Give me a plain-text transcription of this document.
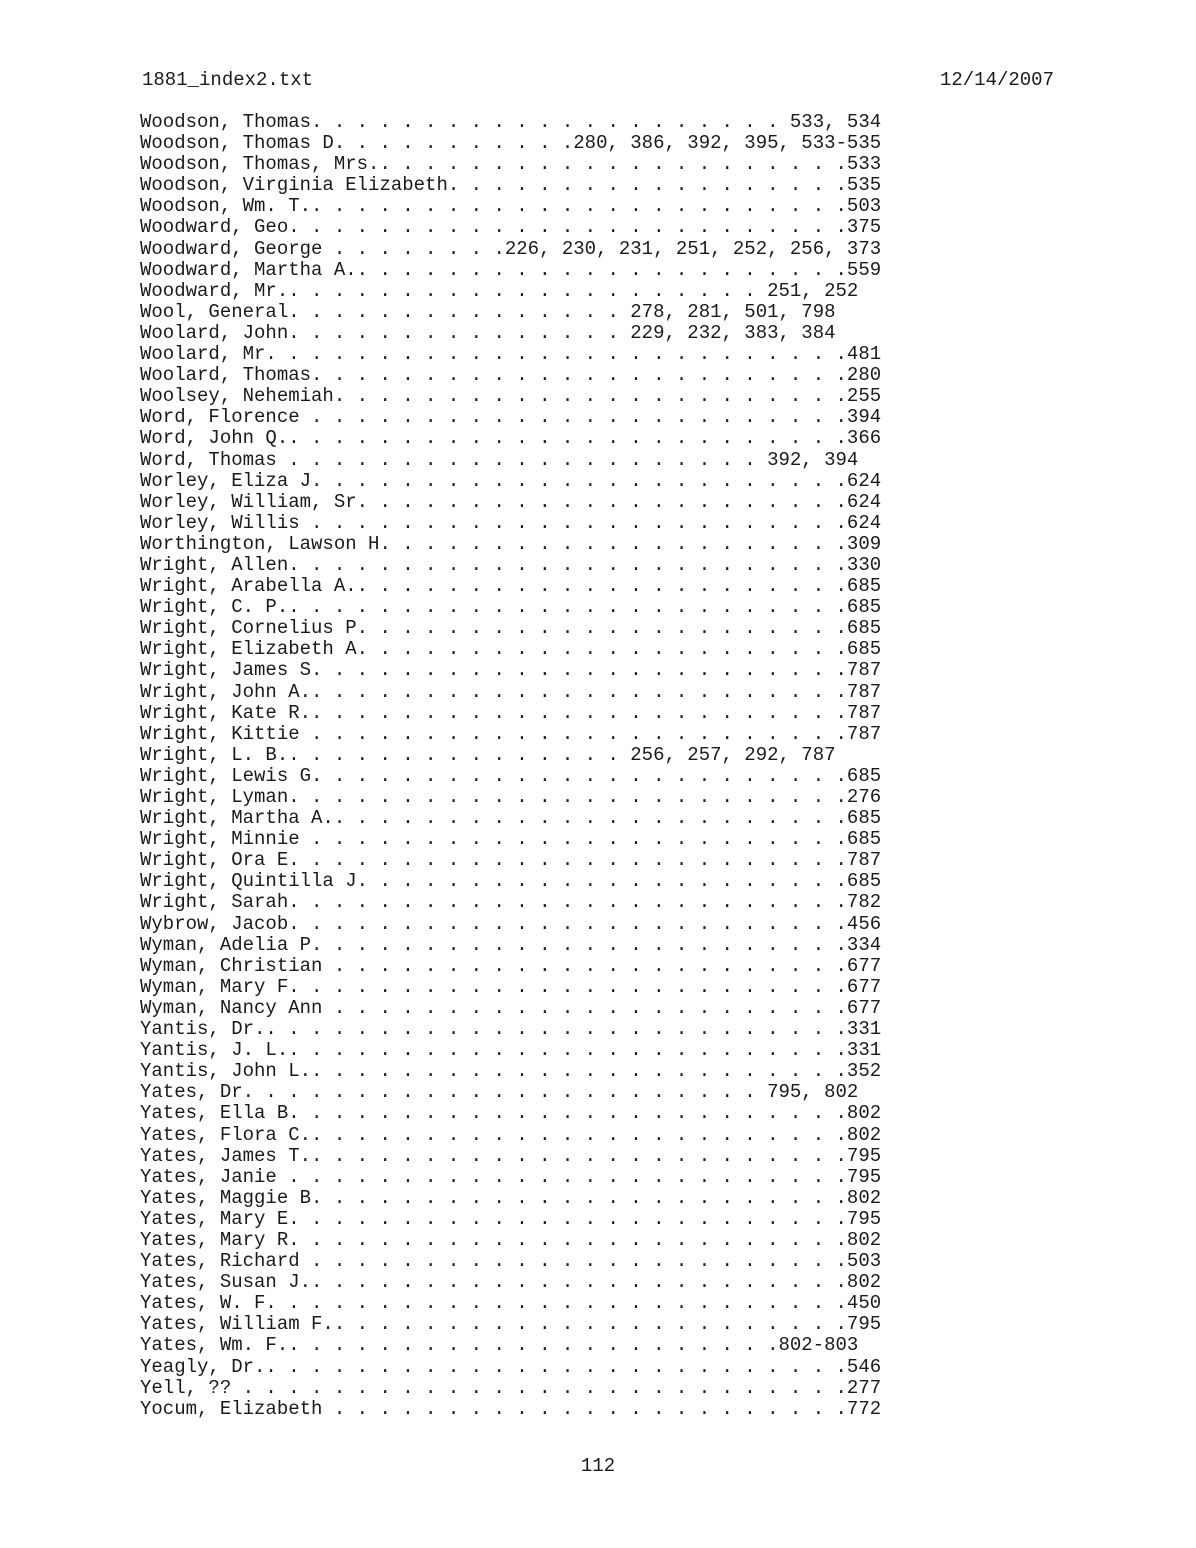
1881_index2.txt	12/14/2007
Woodson, Thomas. . . . . . . . . . . . . . . . . . . . . 533, 534
Woodson, Thomas D. . . . . . . . . . .280, 386, 392, 395, 533-535
Woodson, Thomas, Mrs.. . . . . . . . . . . . . . . . . . . . .533
Woodson, Virginia Elizabeth. . . . . . . . . . . . . . . . . .535
Woodson, Wm. T.. . . . . . . . . . . . . . . . . . . . . . . .503
Woodward, Geo. . . . . . . . . . . . . . . . . . . . . . . . .375
Woodward, George . . . . . . . .226, 230, 231, 251, 252, 256, 373
Woodward, Martha A.. . . . . . . . . . . . . . . . . . . . . .559
Woodward, Mr.. . . . . . . . . . . . . . . . . . . . . 251, 252
Wool, General. . . . . . . . . . . . . . . 278, 281, 501, 798
Woolard, John. . . . . . . . . . . . . . . 229, 232, 383, 384
Woolard, Mr. . . . . . . . . . . . . . . . . . . . . . . . . .481
Woolard, Thomas. . . . . . . . . . . . . . . . . . . . . . . .280
Woolsey, Nehemiah. . . . . . . . . . . . . . . . . . . . . . .255
Word, Florence . . . . . . . . . . . . . . . . . . . . . . . .394
Word, John Q.. . . . . . . . . . . . . . . . . . . . . . . . .366
Word, Thomas . . . . . . . . . . . . . . . . . . . . . 392, 394
Worley, Eliza J. . . . . . . . . . . . . . . . . . . . . . . .624
Worley, William, Sr. . . . . . . . . . . . . . . . . . . . . .624
Worley, Willis . . . . . . . . . . . . . . . . . . . . . . . .624
Worthington, Lawson H. . . . . . . . . . . . . . . . . . . . .309
Wright, Allen. . . . . . . . . . . . . . . . . . . . . . . . .330
Wright, Arabella A.. . . . . . . . . . . . . . . . . . . . . .685
Wright, C. P.. . . . . . . . . . . . . . . . . . . . . . . . .685
Wright, Cornelius P. . . . . . . . . . . . . . . . . . . . . .685
Wright, Elizabeth A. . . . . . . . . . . . . . . . . . . . . .685
Wright, James S. . . . . . . . . . . . . . . . . . . . . . . .787
Wright, John A.. . . . . . . . . . . . . . . . . . . . . . . .787
Wright, Kate R.. . . . . . . . . . . . . . . . . . . . . . . .787
Wright, Kittie . . . . . . . . . . . . . . . . . . . . . . . .787
Wright, L. B.. . . . . . . . . . . . . . . 256, 257, 292, 787
Wright, Lewis G. . . . . . . . . . . . . . . . . . . . . . . .685
Wright, Lyman. . . . . . . . . . . . . . . . . . . . . . . . .276
Wright, Martha A.. . . . . . . . . . . . . . . . . . . . . . .685
Wright, Minnie . . . . . . . . . . . . . . . . . . . . . . . .685
Wright, Ora E. . . . . . . . . . . . . . . . . . . . . . . . .787
Wright, Quintilla J. . . . . . . . . . . . . . . . . . . . . .685
Wright, Sarah. . . . . . . . . . . . . . . . . . . . . . . . .782
Wybrow, Jacob. . . . . . . . . . . . . . . . . . . . . . . . .456
Wyman, Adelia P. . . . . . . . . . . . . . . . . . . . . . . .334
Wyman, Christian . . . . . . . . . . . . . . . . . . . . . . .677
Wyman, Mary F. . . . . . . . . . . . . . . . . . . . . . . . .677
Wyman, Nancy Ann . . . . . . . . . . . . . . . . . . . . . . .677
Yantis, Dr.. . . . . . . . . . . . . . . . . . . . . . . . . .331
Yantis, J. L.. . . . . . . . . . . . . . . . . . . . . . . . .331
Yantis, John L.. . . . . . . . . . . . . . . . . . . . . . . .352
Yates, Dr. . . . . . . . . . . . . . . . . . . . . . . 795, 802
Yates, Ella B. . . . . . . . . . . . . . . . . . . . . . . . .802
Yates, Flora C.. . . . . . . . . . . . . . . . . . . . . . . .802
Yates, James T.. . . . . . . . . . . . . . . . . . . . . . . .795
Yates, Janie . . . . . . . . . . . . . . . . . . . . . . . . .795
Yates, Maggie B. . . . . . . . . . . . . . . . . . . . . . . .802
Yates, Mary E. . . . . . . . . . . . . . . . . . . . . . . . .795
Yates, Mary R. . . . . . . . . . . . . . . . . . . . . . . . .802
Yates, Richard . . . . . . . . . . . . . . . . . . . . . . . .503
Yates, Susan J.. . . . . . . . . . . . . . . . . . . . . . . .802
Yates, W. F. . . . . . . . . . . . . . . . . . . . . . . . . .450
Yates, William F.. . . . . . . . . . . . . . . . . . . . . . .795
Yates, Wm. F.. . . . . . . . . . . . . . . . . . . . . .802-803
Yeagly, Dr.. . . . . . . . . . . . . . . . . . . . . . . . . .546
Yell, ?? . . . . . . . . . . . . . . . . . . . . . . . . . . .277
Yocum, Elizabeth . . . . . . . . . . . . . . . . . . . . . . .772
112
